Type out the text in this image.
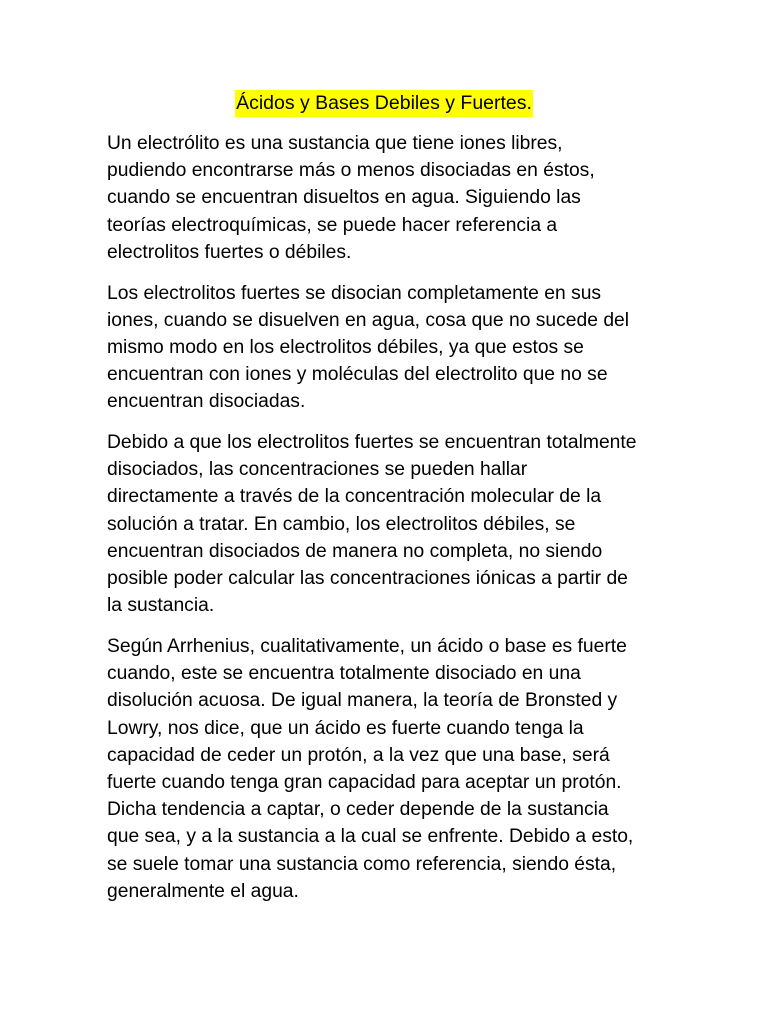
Ácidos y Bases Debiles y Fuertes.

Un electrólito es una sustancia que tiene iones libres,
pudiendo encontrarse más o menos disociadas en éstos,
cuando se encuentran disueltos en agua. Siguiendo las
teorías electroquímicas, se puede hacer referencia a
electrolitos fuertes o débiles.

Los electrolitos fuertes se disocian completamente en sus
iones, cuando se disuelven en agua, cosa que no sucede del
mismo modo en los electrolitos débiles, ya que estos se
encuentran con iones y moléculas del electrolito que no se
encuentran disociadas.

Debido a que los electrolitos fuertes se encuentran totalmente
disociados, las concentraciones se pueden hallar
directamente a través de la concentración molecular de la
solución a tratar. En cambio, los electrolitos débiles, se
encuentran disociados de manera no completa, no siendo
posible poder calcular las concentraciones iónicas a partir de
la sustancia.

Según Arrhenius, cualitativamente, un ácido o base es fuerte
cuando, este se encuentra totalmente disociado en una
disolución acuosa. De igual manera, la teoría de Bronsted y
Lowry, nos dice, que un ácido es fuerte cuando tenga la
capacidad de ceder un protón, a la vez que una base, será
fuerte cuando tenga gran capacidad para aceptar un protón.
Dicha tendencia a captar, o ceder depende de la sustancia
que sea, y a la sustancia a la cual se enfrente. Debido a esto,
se suele tomar una sustancia como referencia, siendo ésta,
generalmente el agua.
